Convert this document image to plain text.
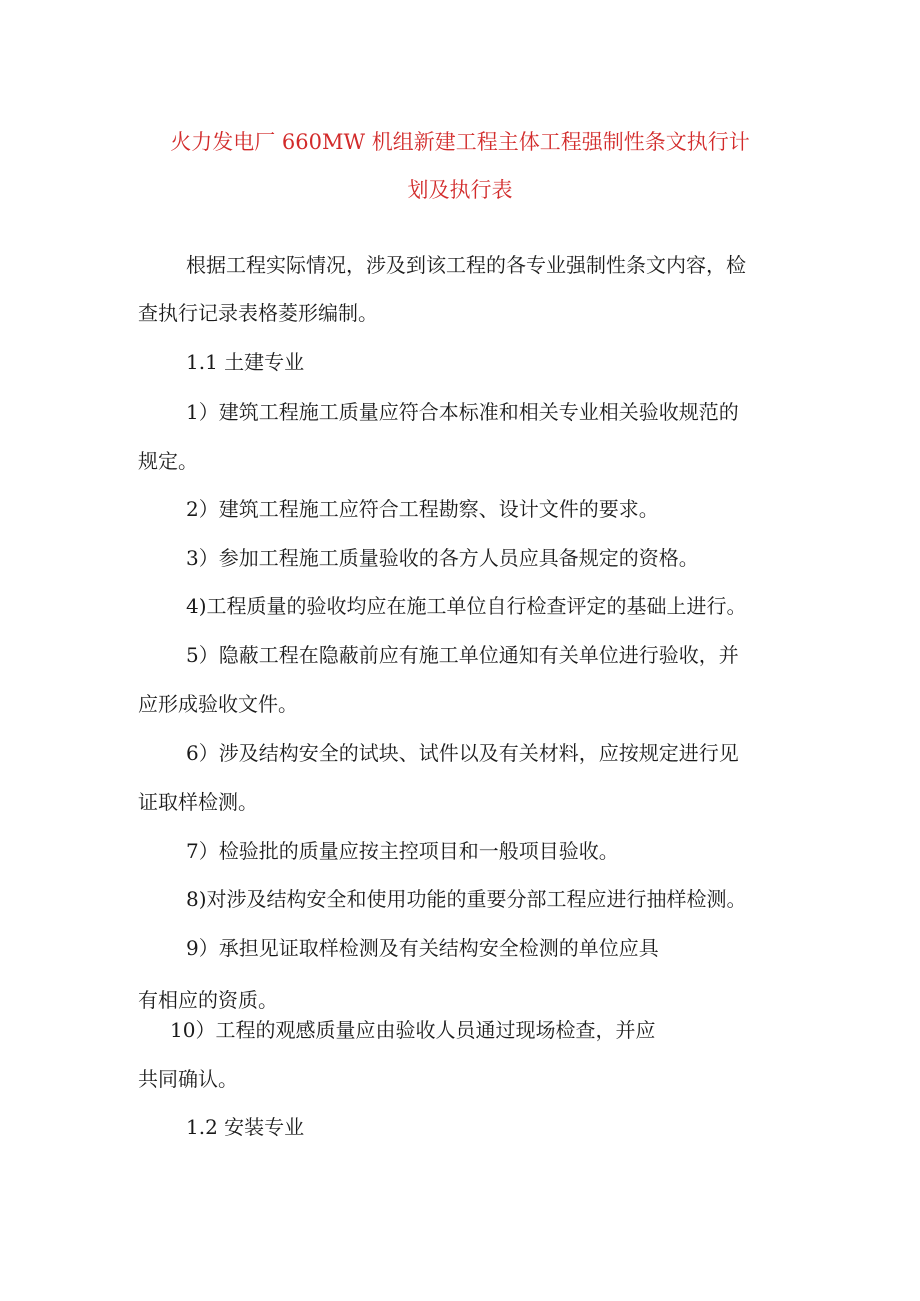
火力发电厂 660MW 机组新建工程主体工程强制性条文执行计
划及执行表
根据工程实际情况，涉及到该工程的各专业强制性条文内容，检
查执行记录表格菱形编制。
1.1 土建专业
1）建筑工程施工质量应符合本标准和相关专业相关验收规范的
规定。
2）建筑工程施工应符合工程勘察、设计文件的要求。
3）参加工程施工质量验收的各方人员应具备规定的资格。
4)工程质量的验收均应在施工单位自行检查评定的基础上进行。
5）隐蔽工程在隐蔽前应有施工单位通知有关单位进行验收，并
应形成验收文件。
6）涉及结构安全的试块、试件以及有关材料，应按规定进行见
证取样检测。
7）检验批的质量应按主控项目和一般项目验收。
8)对涉及结构安全和使用功能的重要分部工程应进行抽样检测。
9）承担见证取样检测及有关结构安全检测的单位应具
有相应的资质。
10）工程的观感质量应由验收人员通过现场检查，并应
共同确认。
1.2 安装专业
